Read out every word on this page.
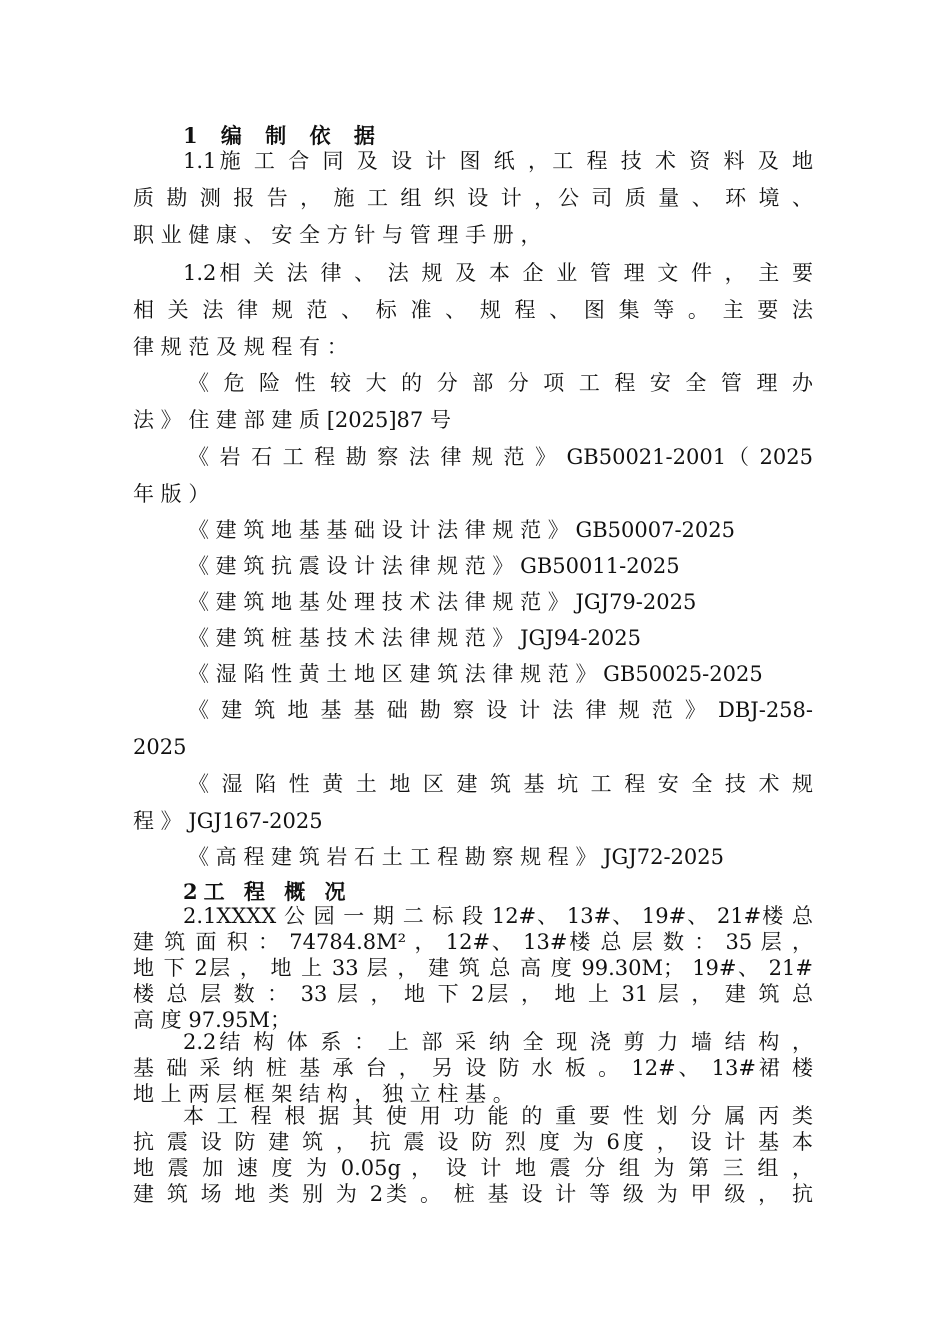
1 编 制 依 据
1.1施 工 合 同 及 设 计 图 纸 ，工 程 技 术 资 料 及 地
质 勘 测 报 告 ， 施 工 组 织 设 计 ，公 司 质 量 、 环 境 、
职 业 健 康 、 安 全 方 针 与 管 理 手 册 ，
1.2相 关 法 律 、 法 规 及 本 企 业 管 理 文 件 ， 主 要
相 关 法 律 规 范 、 标 准 、 规 程 、 图 集 等 。 主 要 法
律 规 范 及 规 程 有 ：
《 危 险 性 较 大 的 分 部 分 项 工 程 安 全 管 理 办
法 》 住 建 部 建 质 [2025]87 号
《 岩 石 工 程 勘 察 法 律 规 范 》 GB50021-2001（ 2025
年 版 ）
《 建 筑 地 基 基 础 设 计 法 律 规 范 》 GB50007-2025
《 建 筑 抗 震 设 计 法 律 规 范 》 GB50011-2025
《 建 筑 地 基 处 理 技 术 法 律 规 范 》 JGJ79-2025
《 建 筑 桩 基 技 术 法 律 规 范 》 JGJ94-2025
《 湿 陷 性 黄 土 地 区 建 筑 法 律 规 范 》 GB50025-2025
《 建 筑 地 基 基 础 勘 察 设 计 法 律 规 范 》 DBJ-258-
2025
《 湿 陷 性 黄 土 地 区 建 筑 基 坑 工 程 安 全 技 术 规
程 》 JGJ167-2025
《 高 程 建 筑 岩 石 土 工 程 勘 察 规 程 》 JGJ72-2025
2工 程 概 况
2.1XXXX 公 园 一 期 二 标 段 12#、 13#、 19#、 21#楼 总
建 筑 面 积 ： 74784.8M² ， 12#、 13#楼 总 层 数 ： 35 层 ，
地 下 2层 ， 地 上 33 层 ， 建 筑 总 高 度 99.30M； 19#、 21#
楼 总 层 数 ： 33 层 ， 地 下 2层 ， 地 上 31 层 ， 建 筑 总
高 度 97.95M；
2.2结 构 体 系 ： 上 部 采 纳 全 现 浇 剪 力 墙 结 构 ，
基 础 采 纳 桩 基 承 台 ， 另 设 防 水 板 。 12#、 13#裙 楼
地 上 两 层 框 架 结 构 ， 独 立 柱 基 。
本 工 程 根 据 其 使 用 功 能 的 重 要 性 划 分 属 丙 类
抗 震 设 防 建 筑 ， 抗 震 设 防 烈 度 为 6度 ， 设 计 基 本
地 震 加 速 度 为 0.05g ， 设 计 地 震 分 组 为 第 三 组 ，
建 筑 场 地 类 别 为 2类 。 桩 基 设 计 等 级 为 甲 级 ， 抗
